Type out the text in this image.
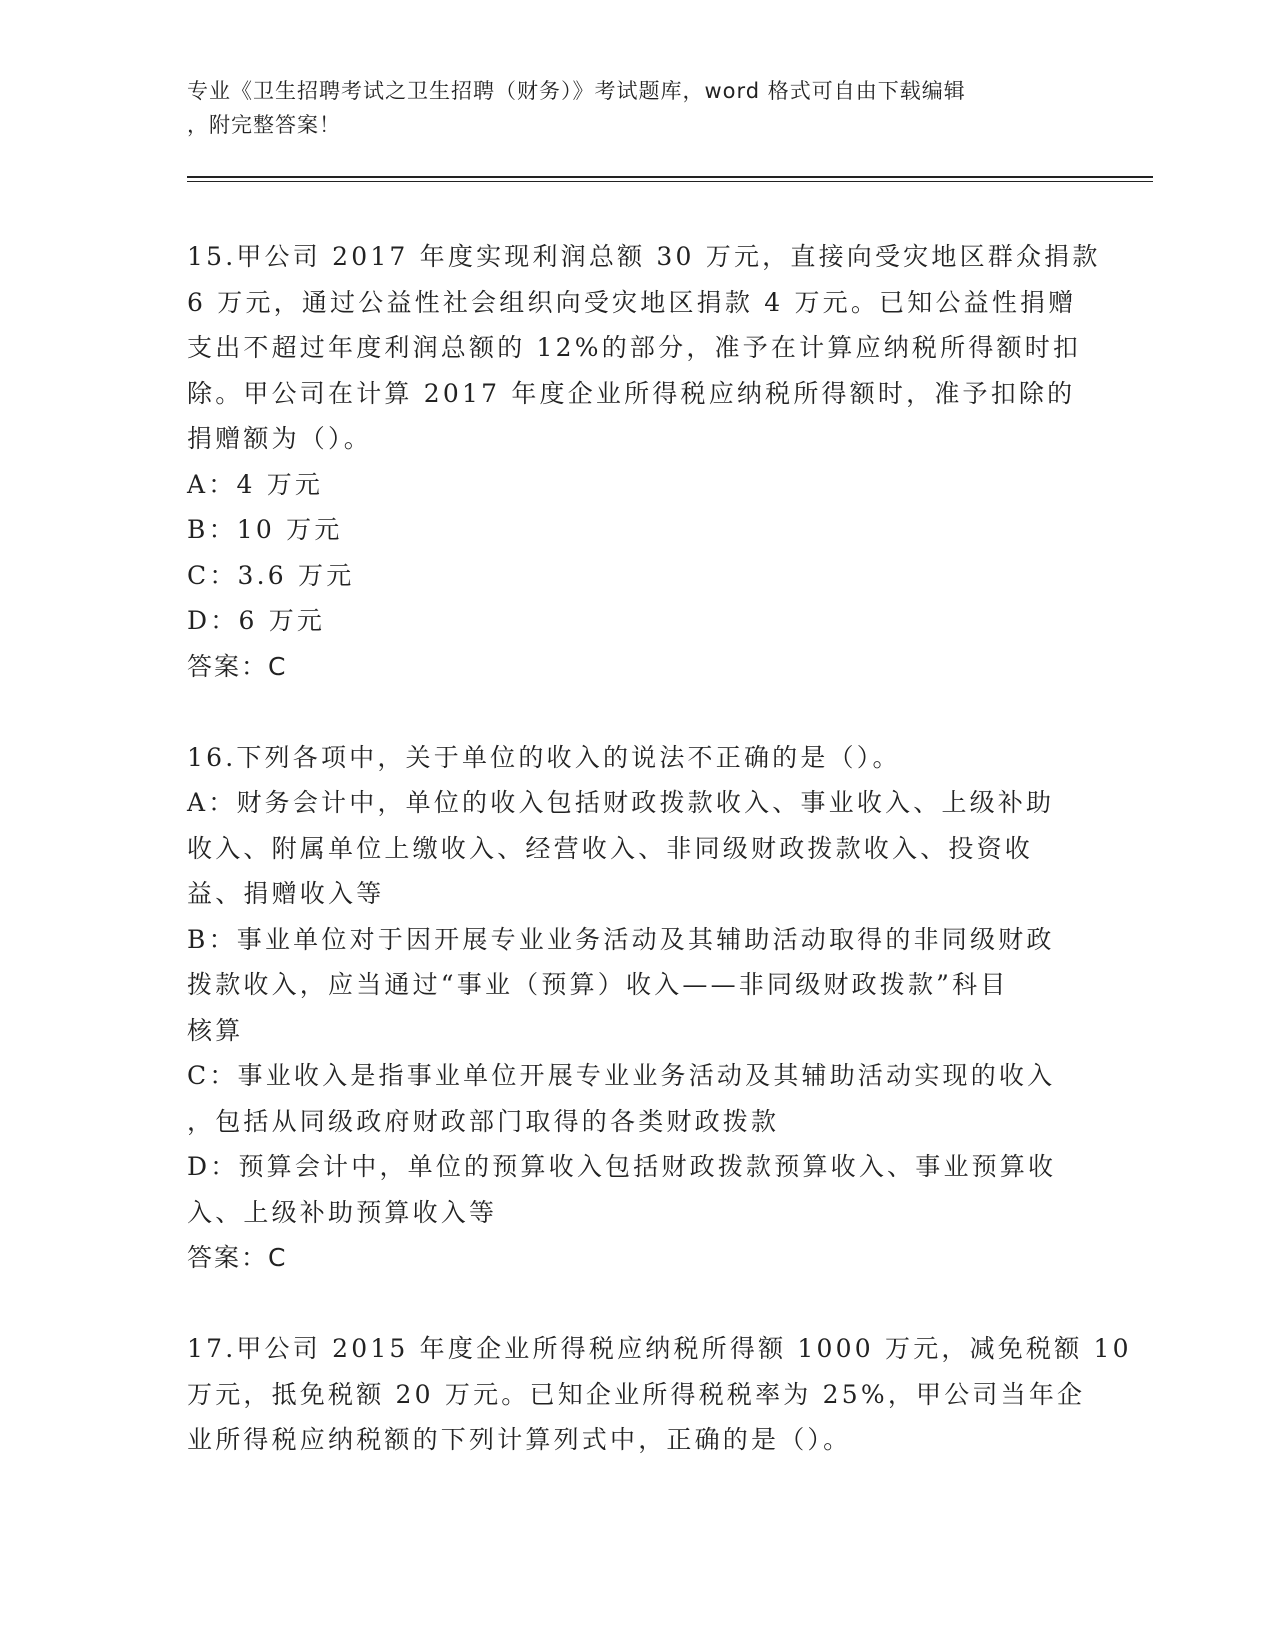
专业《卫生招聘考试之卫生招聘（财务）》考试题库，word 格式可自由下载编辑
，附完整答案！
15.甲公司 2017 年度实现利润总额 30 万元，直接向受灾地区群众捐款
6 万元，通过公益性社会组织向受灾地区捐款 4 万元。已知公益性捐赠
支出不超过年度利润总额的 12%的部分，准予在计算应纳税所得额时扣
除。甲公司在计算 2017 年度企业所得税应纳税所得额时，准予扣除的
捐赠额为（）。
A：4 万元
B：10 万元
C：3.6 万元
D：6 万元
答案：C
16.下列各项中，关于单位的收入的说法不正确的是（）。
A：财务会计中，单位的收入包括财政拨款收入、事业收入、上级补助
收入、附属单位上缴收入、经营收入、非同级财政拨款收入、投资收
益、捐赠收入等
B：事业单位对于因开展专业业务活动及其辅助活动取得的非同级财政
拨款收入，应当通过“事业（预算）收入——非同级财政拨款”科目
核算
C：事业收入是指事业单位开展专业业务活动及其辅助活动实现的收入
，包括从同级政府财政部门取得的各类财政拨款
D：预算会计中，单位的预算收入包括财政拨款预算收入、事业预算收
入、上级补助预算收入等
答案：C
17.甲公司 2015 年度企业所得税应纳税所得额 1000 万元，减免税额 10
万元，抵免税额 20 万元。已知企业所得税税率为 25%，甲公司当年企
业所得税应纳税额的下列计算列式中，正确的是（）。
